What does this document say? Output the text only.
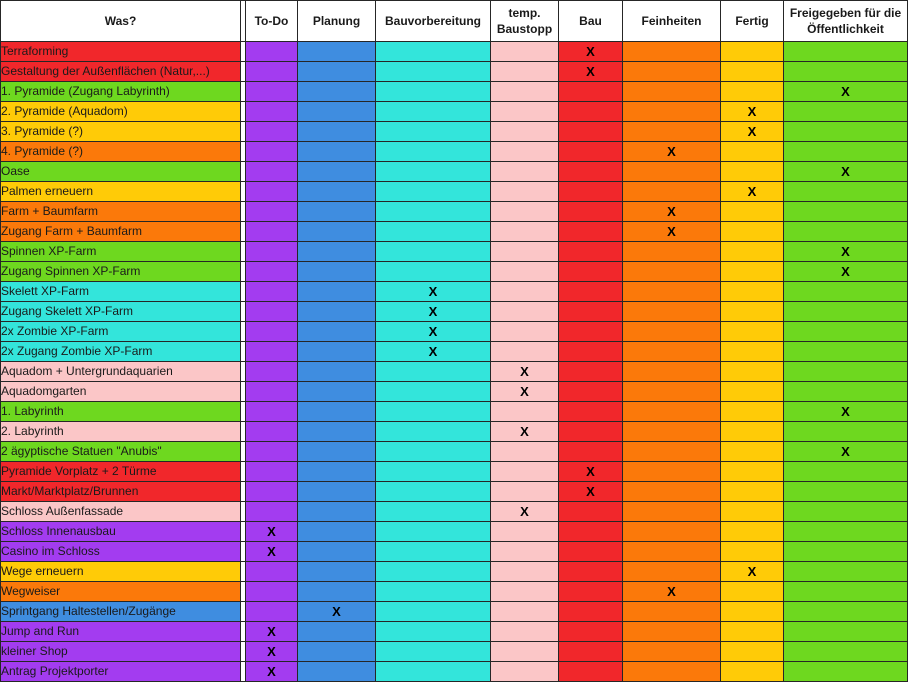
Was?		To-Do	Planung	Bauvorbereitung	temp. Baustopp	Bau	Feinheiten	Fertig	Freigegeben für die Öffentlichkeit
Terraforming						X			
Gestaltung der Außenflächen (Natur,...)						X			
1. Pyramide (Zugang Labyrinth)									X
2. Pyramide (Aquadom)								X	
3. Pyramide (?)								X	
4. Pyramide (?)							X		
Oase									X
Palmen erneuern								X	
Farm + Baumfarm							X		
Zugang Farm + Baumfarm							X		
Spinnen XP-Farm									X
Zugang Spinnen XP-Farm									X
Skelett XP-Farm				X					
Zugang Skelett XP-Farm				X					
2x Zombie XP-Farm				X					
2x Zugang Zombie XP-Farm				X					
Aquadom + Untergrundaquarien					X				
Aquadomgarten					X				
1. Labyrinth									X
2. Labyrinth					X				
2 ägyptische Statuen "Anubis"									X
Pyramide Vorplatz + 2 Türme						X			
Markt/Marktplatz/Brunnen						X			
Schloss Außenfassade					X				
Schloss Innenausbau		X							
Casino im Schloss		X							
Wege erneuern								X	
Wegweiser							X		
Sprintgang Haltestellen/Zugänge			X						
Jump and Run		X							
kleiner Shop		X							
Antrag Projektporter		X							
